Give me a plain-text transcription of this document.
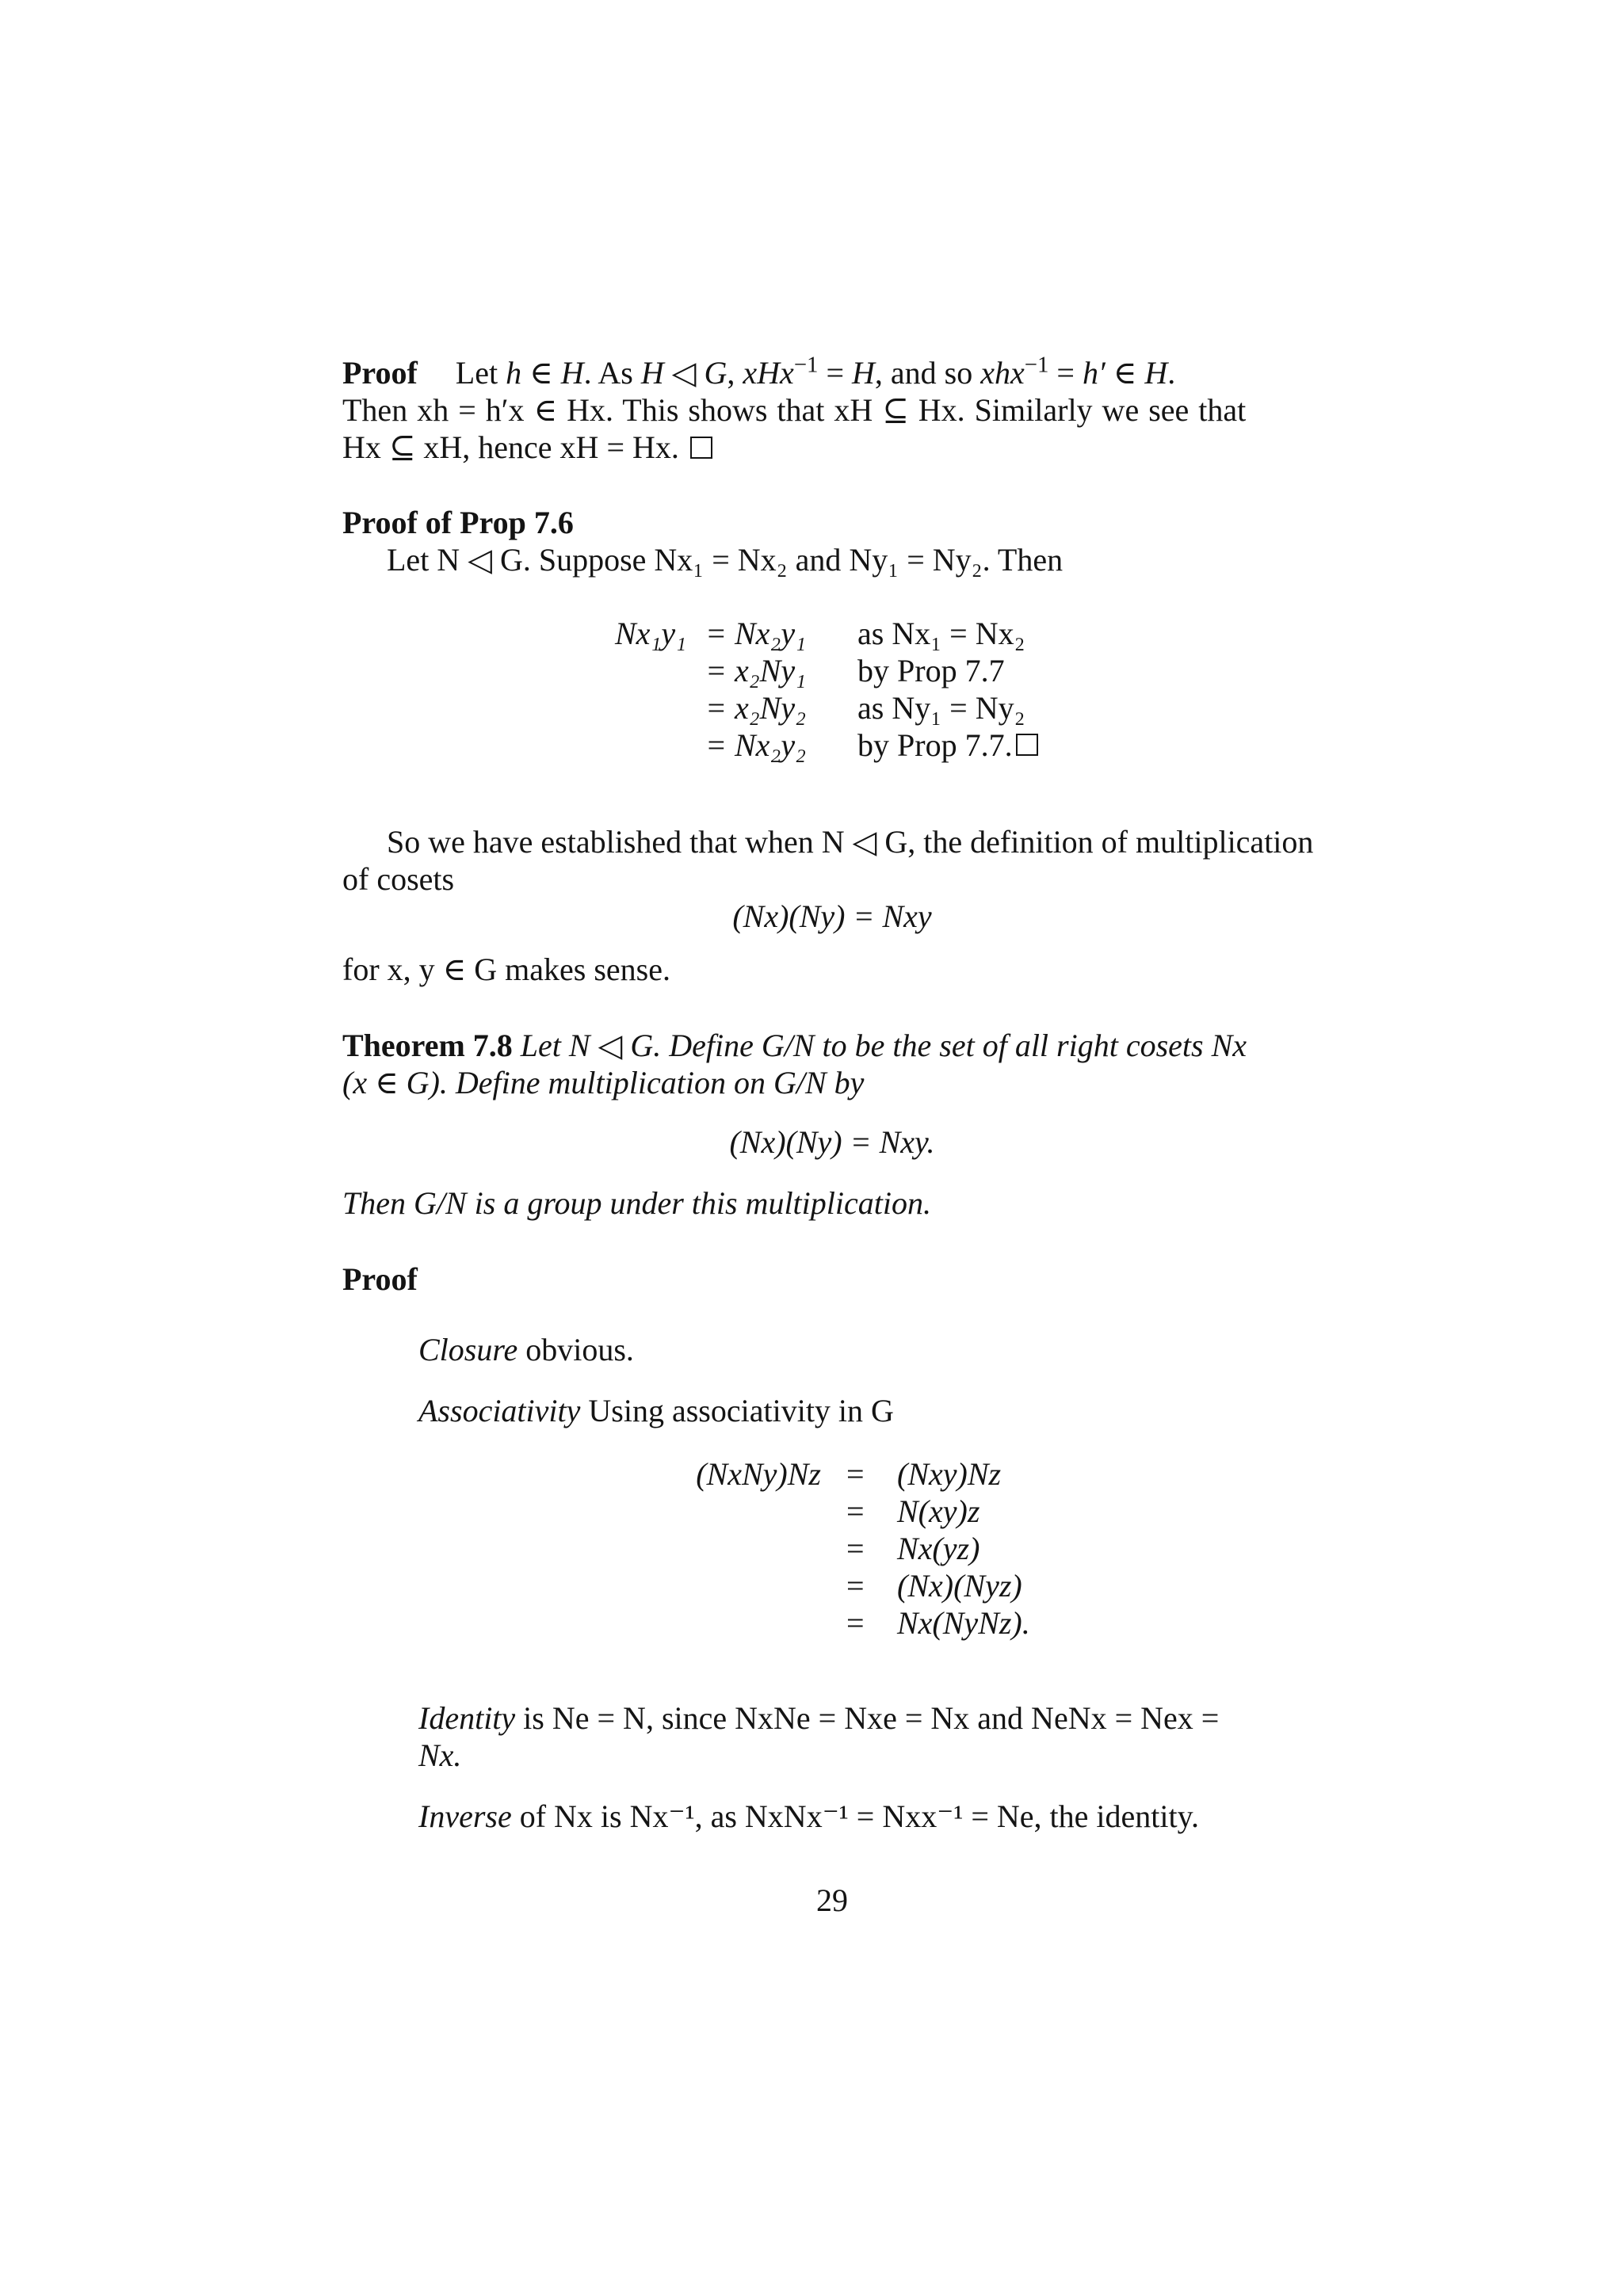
Proof Let h ∈ H. As H ◁ G, xHx$^{-1}$ = H, and so xhx$^{-1}$ = h′ ∈ H.
Then xh = h′x ∈ Hx. This shows that xH ⊆ Hx. Similarly we see that
Hx ⊆ xH, hence xH = Hx.
Proof of Prop 7.6
Let N ◁ G. Suppose Nx₁ = Nx₂ and Ny₁ = Ny₂. Then
Nx₁y₁ = Nx₂y₁	as Nx₁ = Nx₂
= x₂Ny₁	by Prop 7.7
= x₂Ny₂	as Ny₁ = Ny₂
= Nx₂y₂	by Prop 7.7.
So we have established that when N ◁ G, the definition of multiplication
of cosets
(Nx)(Ny) = Nxy
for x, y ∈ G makes sense.
Theorem 7.8 Let N ◁ G. Define G/N to be the set of all right cosets Nx
(x ∈ G). Define multiplication on G/N by
(Nx)(Ny) = Nxy.
Then G/N is a group under this multiplication.
Proof
Closure obvious.
Associativity Using associativity in G
(NxNy)Nz =	(Nxy)Nz
=	N(xy)z
=	Nx(yz)
=	(Nx)(Nyz)
=	Nx(NyNz).
Identity is Ne = N, since NxNe = Nxe = Nx and NeNx = Nex =
Nx.
Inverse of Nx is Nx⁻¹, as NxNx⁻¹ = Nxx⁻¹ = Ne, the identity.
29
